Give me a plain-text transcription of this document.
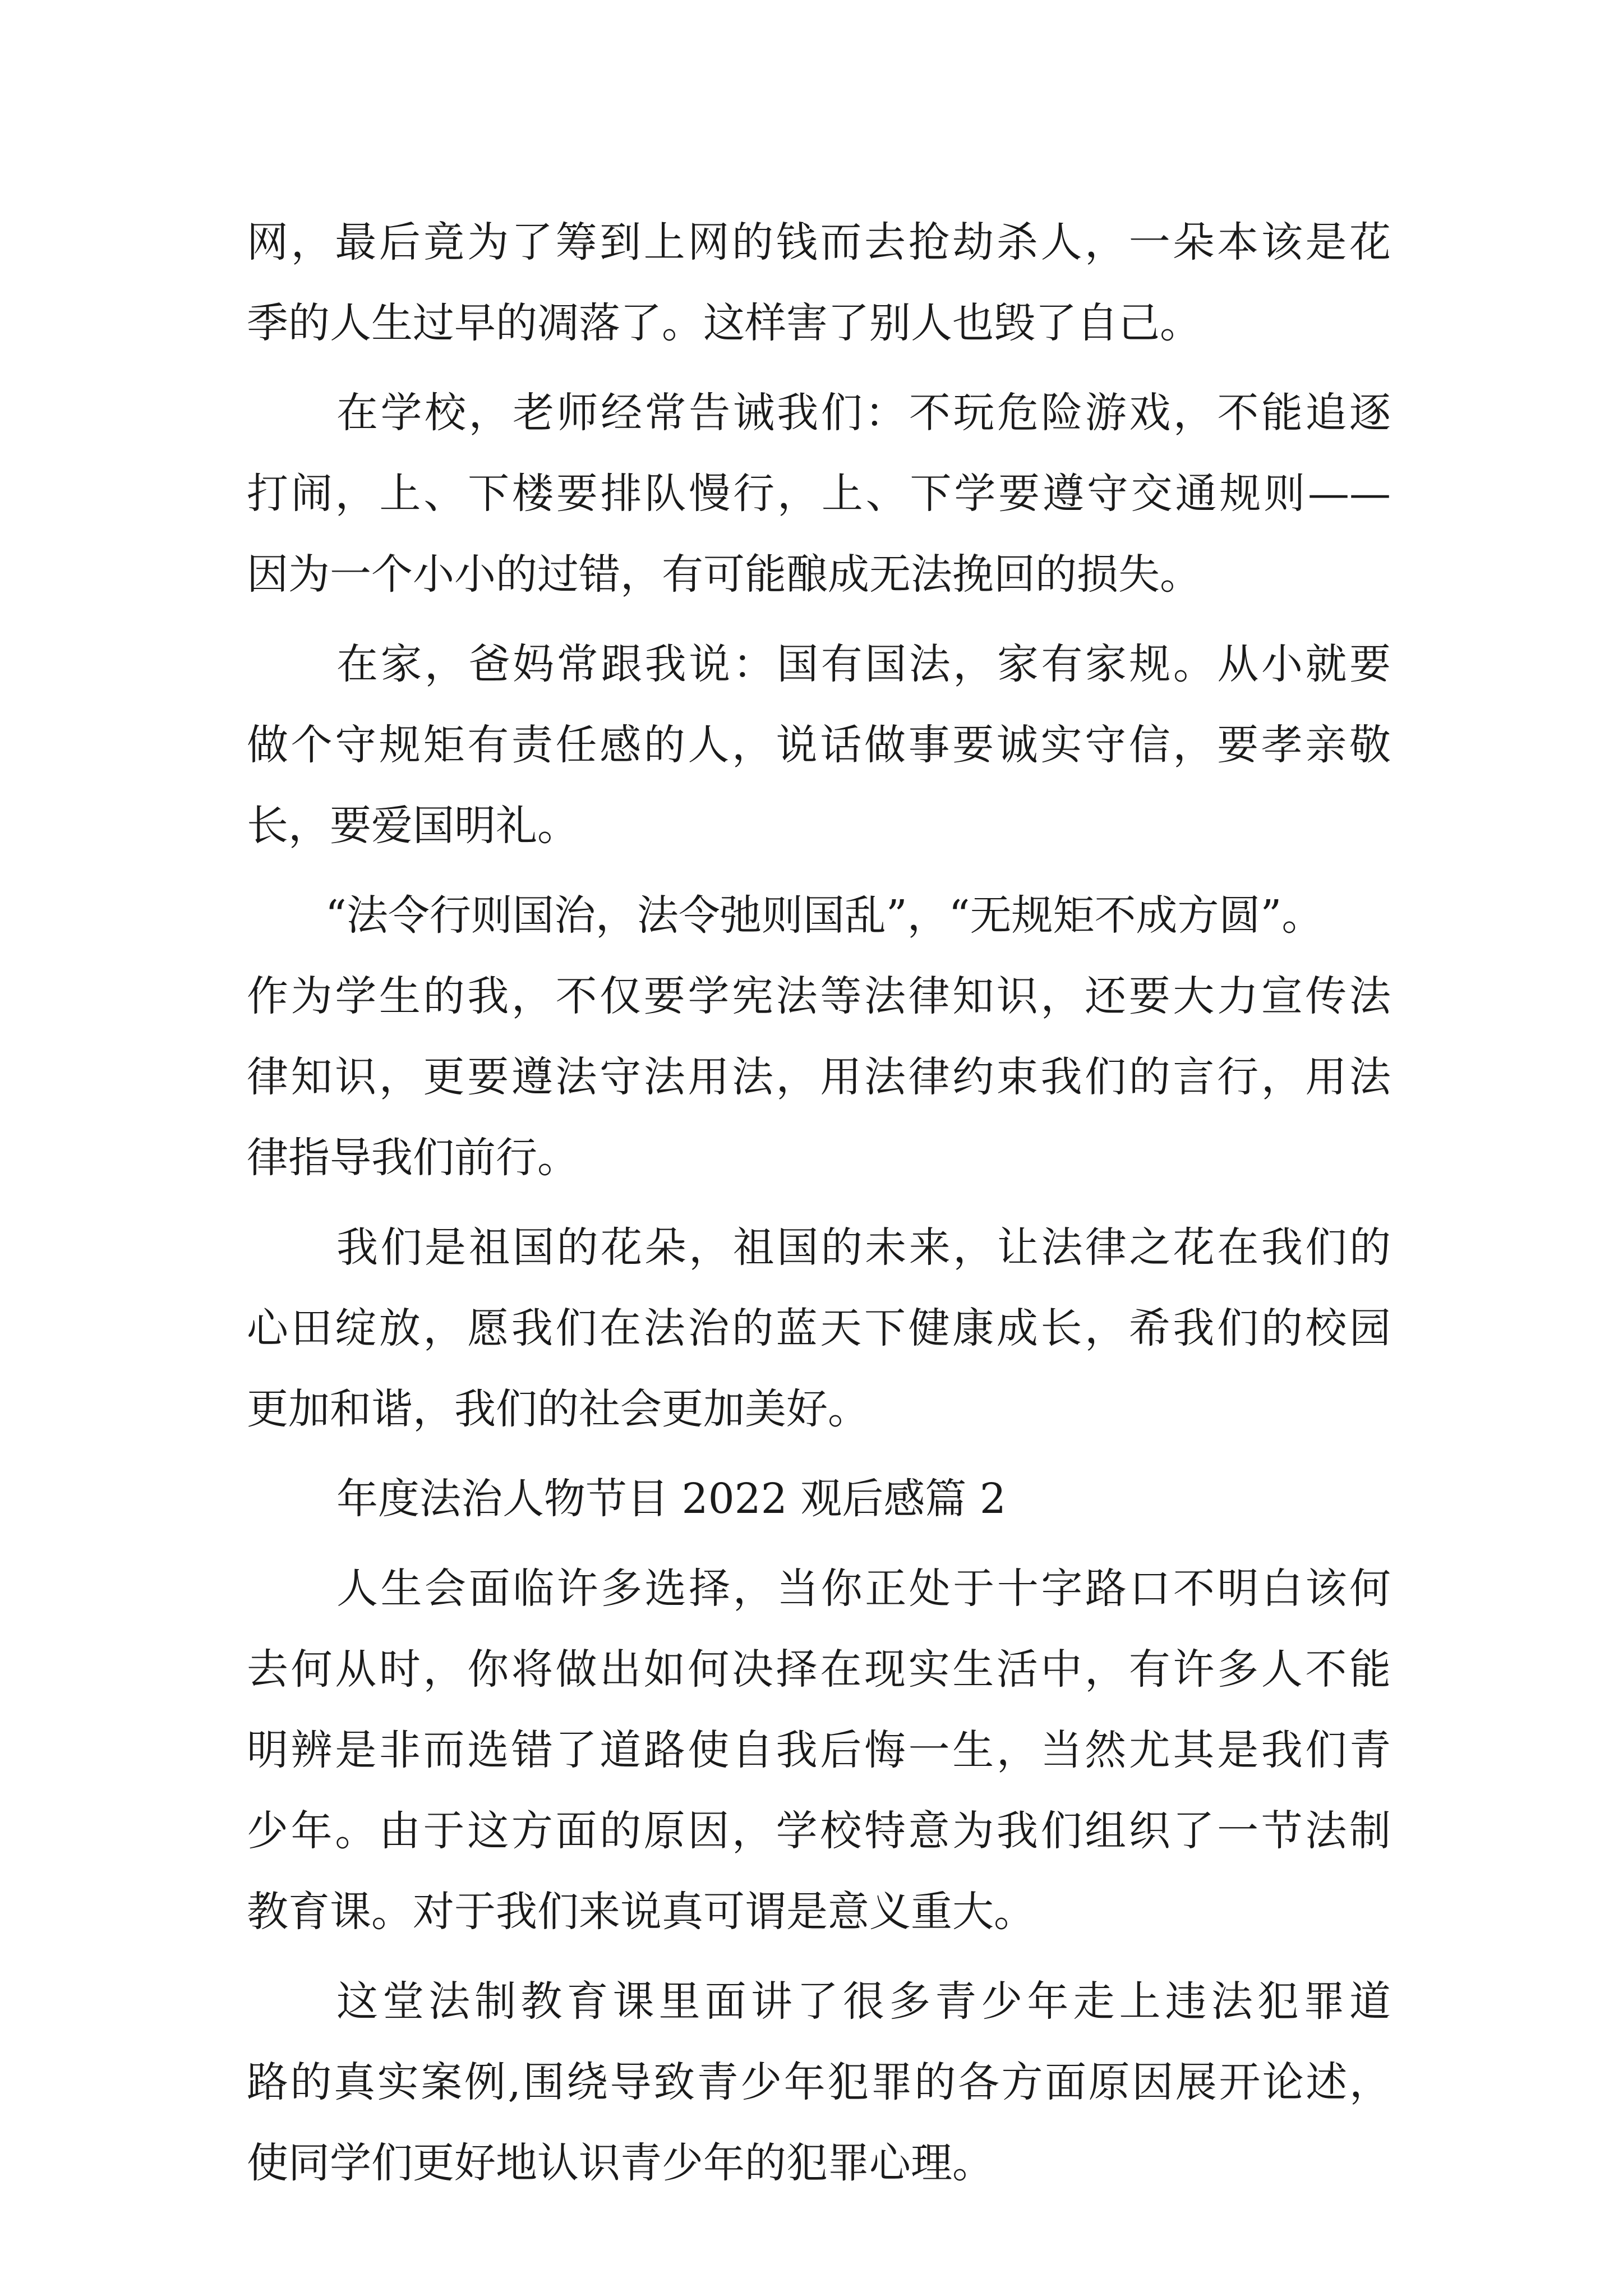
网，最后竟为了筹到上网的钱而去抢劫杀人，一朵本该是花
季的人生过早的凋落了。这样害了别人也毁了自己。
在学校，老师经常告诫我们：不玩危险游戏，不能追逐
打闹，上、下楼要排队慢行，上、下学要遵守交通规则——
因为一个小小的过错，有可能酿成无法挽回的损失。
在家，爸妈常跟我说：国有国法，家有家规。从小就要
做个守规矩有责任感的人，说话做事要诚实守信，要孝亲敬
长，要爱国明礼。
“法令行则国治，法令弛则国乱”，“无规矩不成方圆”。
作为学生的我，不仅要学宪法等法律知识，还要大力宣传法
律知识，更要遵法守法用法，用法律约束我们的言行，用法
律指导我们前行。
我们是祖国的花朵，祖国的未来，让法律之花在我们的
心田绽放，愿我们在法治的蓝天下健康成长，希我们的校园
更加和谐，我们的社会更加美好。
年度法治人物节目 2022 观后感篇 2
人生会面临许多选择，当你正处于十字路口不明白该何
去何从时，你将做出如何决择在现实生活中，有许多人不能
明辨是非而选错了道路使自我后悔一生，当然尤其是我们青
少年。由于这方面的原因，学校特意为我们组织了一节法制
教育课。对于我们来说真可谓是意义重大。
这堂法制教育课里面讲了很多青少年走上违法犯罪道
路的真实案例,围绕导致青少年犯罪的各方面原因展开论述，
使同学们更好地认识青少年的犯罪心理。
